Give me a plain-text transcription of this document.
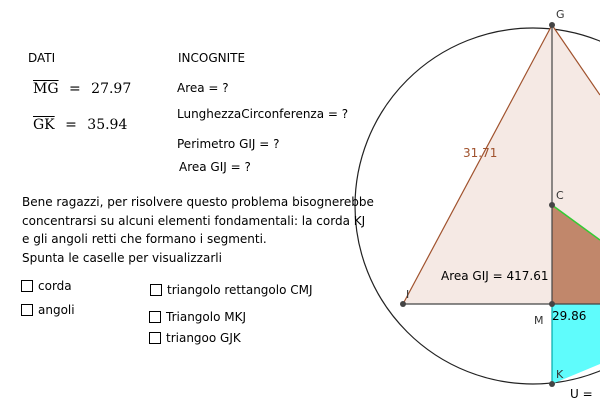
G
C
I
M
K
31.71
Area GIJ = 417.61
29.86
U =
DATI
$\overline{MG} = 27.97$
$\overline{GK} = 35.94$
INCOGNITE
Area = ?
LunghezzaCirconferenza = ?
Perimetro GIJ = ?
Area GIJ = ?
Bene ragazzi, per risolvere questo problema bisognerebbe
concentrarsi su alcuni elementi fondamentali: la corda KJ
e gli angoli retti che formano i segmenti.
Spunta le caselle per visualizzarli
corda
angoli
triangolo rettangolo CMJ
Triangolo MKJ
triangoo GJK
